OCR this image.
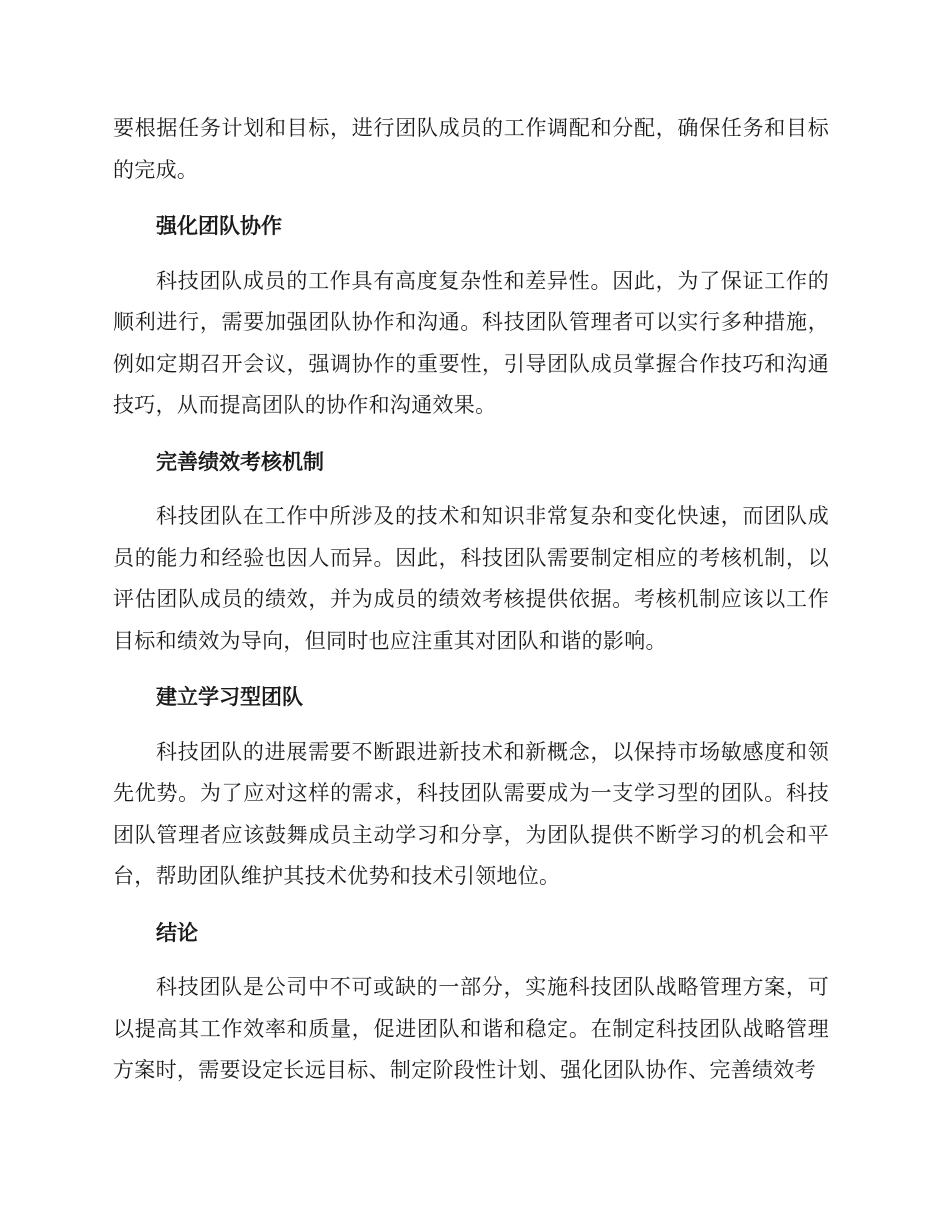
要根据任务计划和目标，进行团队成员的工作调配和分配，确保任务和目标的完成。

强化团队协作

科技团队成员的工作具有高度复杂性和差异性。因此，为了保证工作的顺利进行，需要加强团队协作和沟通。科技团队管理者可以实行多种措施，例如定期召开会议，强调协作的重要性，引导团队成员掌握合作技巧和沟通技巧，从而提高团队的协作和沟通效果。

完善绩效考核机制

科技团队在工作中所涉及的技术和知识非常复杂和变化快速，而团队成员的能力和经验也因人而异。因此，科技团队需要制定相应的考核机制，以评估团队成员的绩效，并为成员的绩效考核提供依据。考核机制应该以工作目标和绩效为导向，但同时也应注重其对团队和谐的影响。

建立学习型团队

科技团队的进展需要不断跟进新技术和新概念，以保持市场敏感度和领先优势。为了应对这样的需求，科技团队需要成为一支学习型的团队。科技团队管理者应该鼓舞成员主动学习和分享，为团队提供不断学习的机会和平台，帮助团队维护其技术优势和技术引领地位。

结论

科技团队是公司中不可或缺的一部分，实施科技团队战略管理方案，可以提高其工作效率和质量，促进团队和谐和稳定。在制定科技团队战略管理方案时，需要设定长远目标、制定阶段性计划、强化团队协作、完善绩效考
